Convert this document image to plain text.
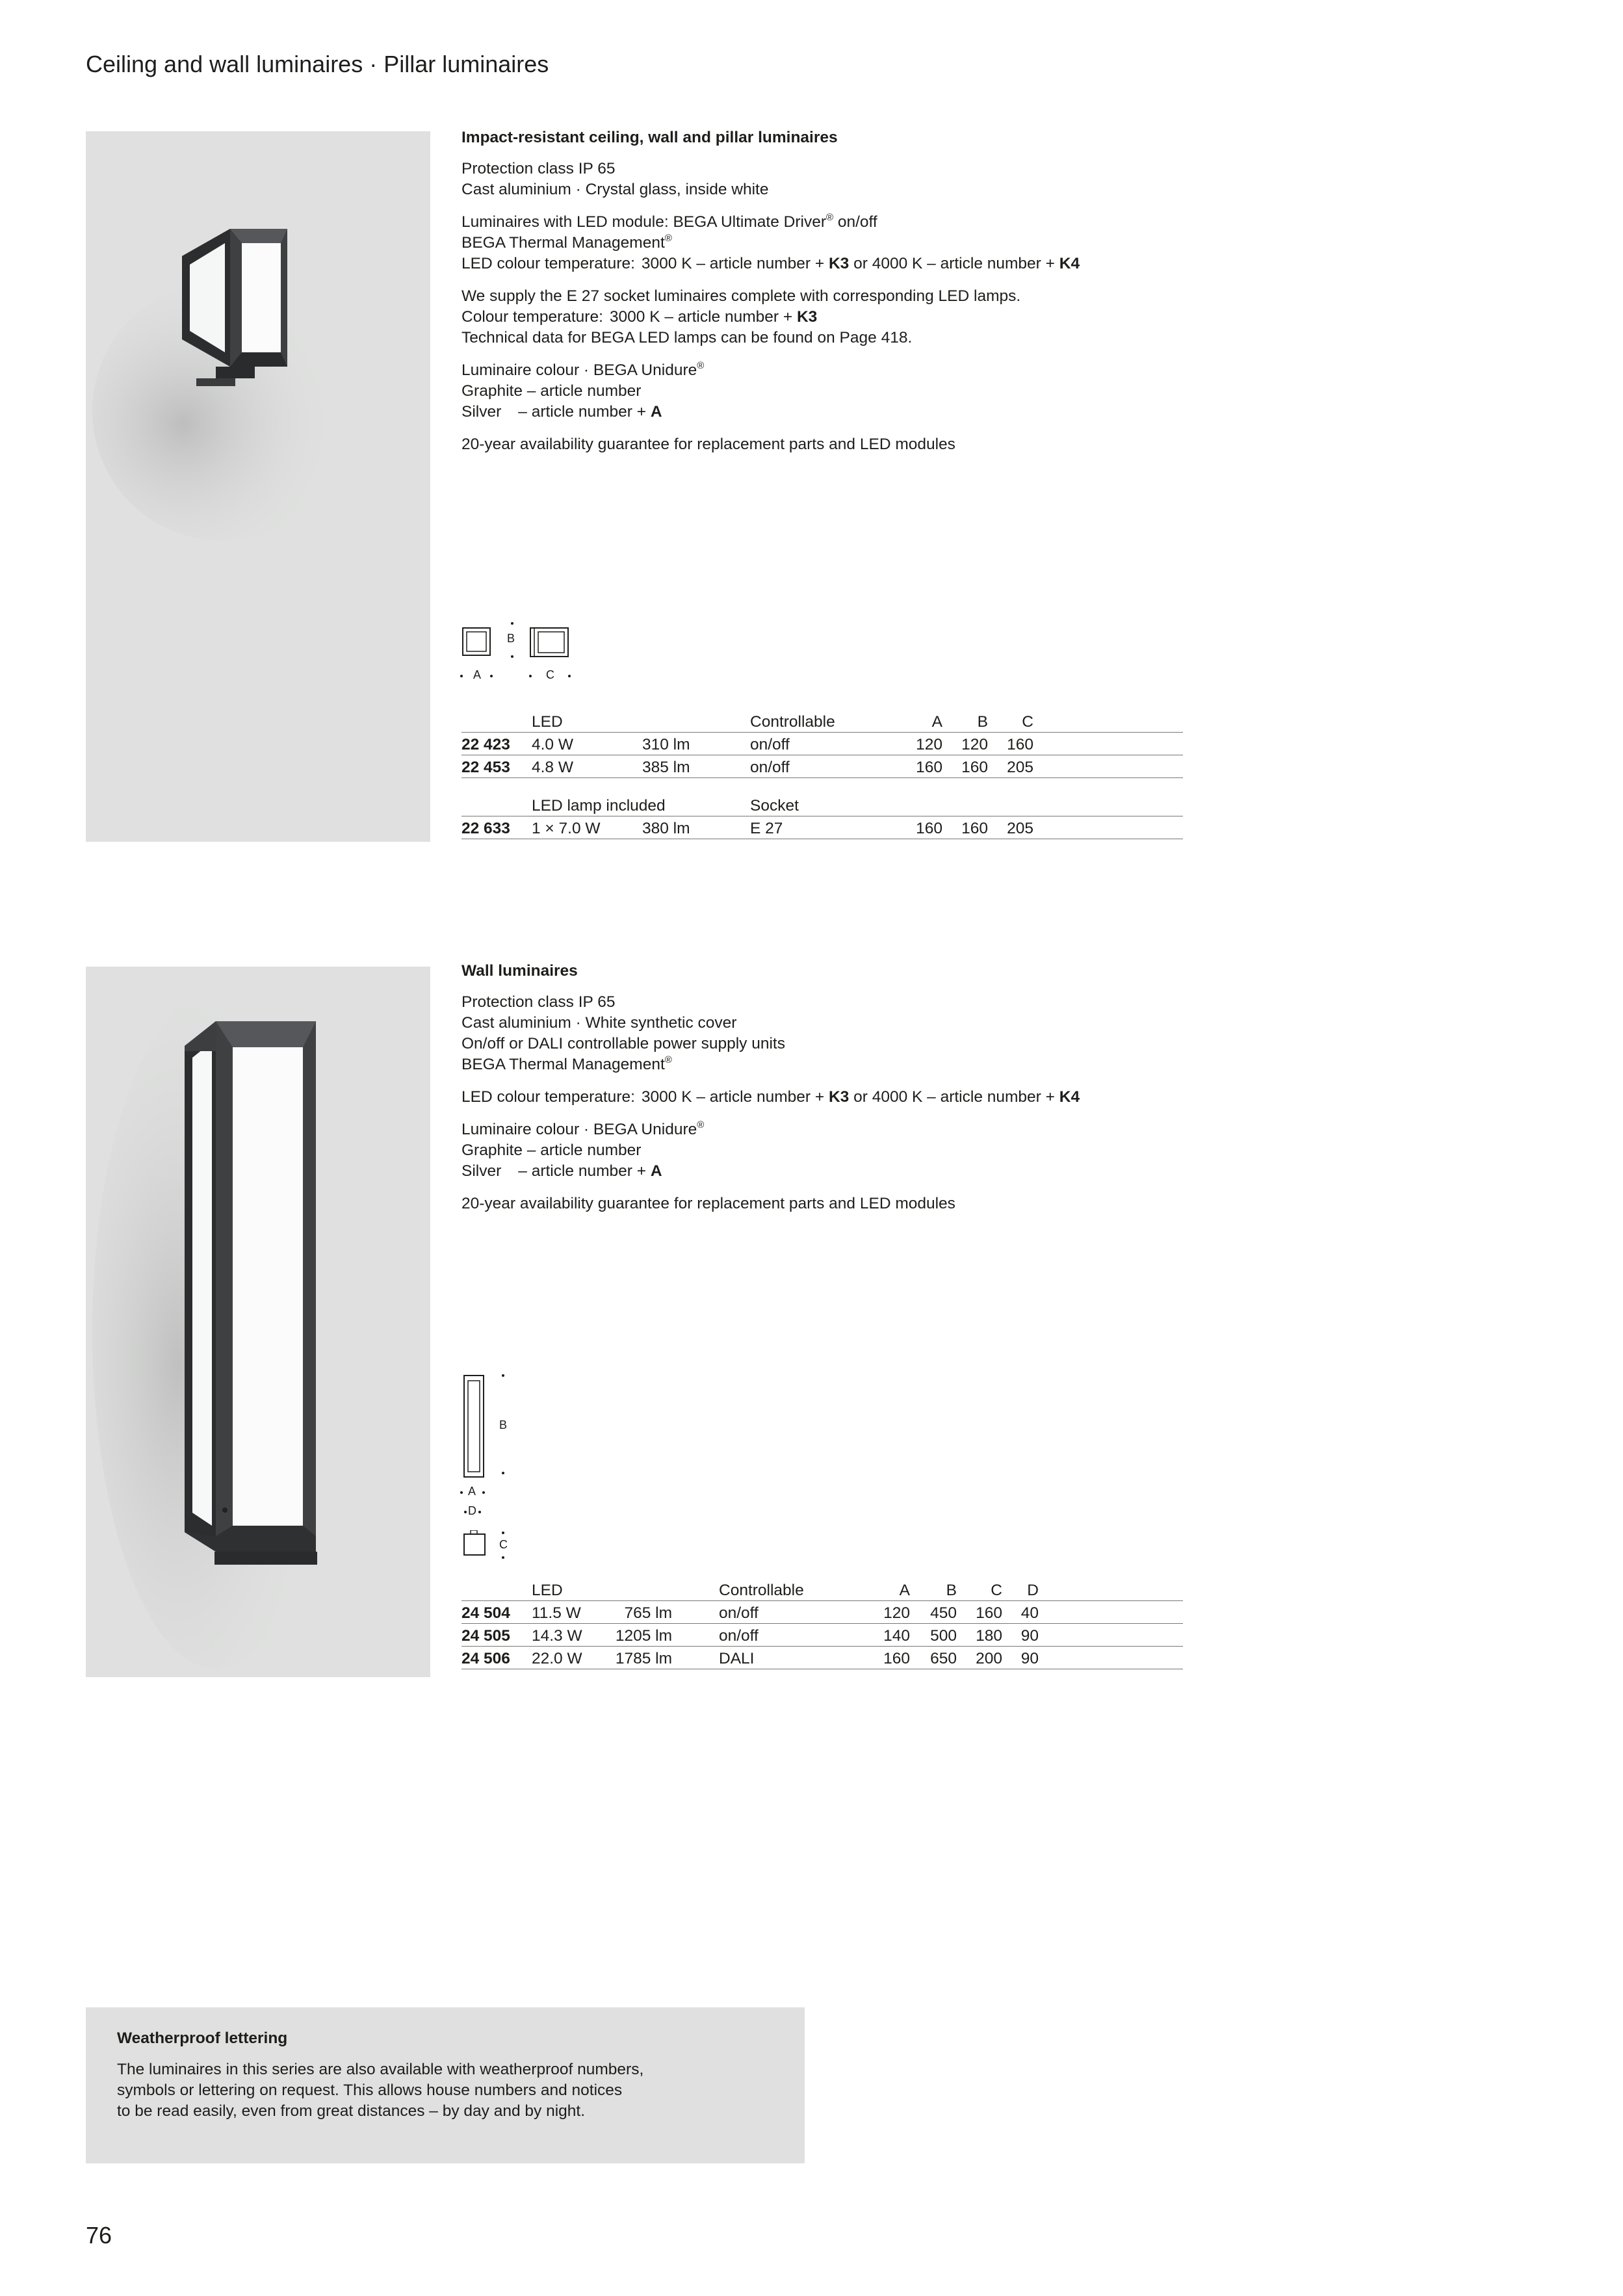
Ceiling and wall luminaires · Pillar luminaires

Impact-resistant ceiling, wall and pillar luminaires

Protection class IP 65
Cast aluminium · Crystal glass, inside white

Luminaires with LED module: BEGA Ultimate Driver® on/off
BEGA Thermal Management®
LED colour temperature: 3000 K – article number + K3 or 4000 K – article number + K4

We supply the E 27 socket luminaires complete with corresponding LED lamps.
Colour temperature: 3000 K – article number + K3
Technical data for BEGA LED lamps can be found on Page 418.

Luminaire colour · BEGA Unidure®
Graphite – article number
Silver – article number + A

20-year availability guarantee for replacement parts and LED modules

B
A	C
	LED		Controllable	A	B	C	
22 423	4.0 W	310 lm	on/off	120	120	160	
22 453	4.8 W	385 lm	on/off	160	160	205	

	LED lamp included		Socket				
22 633	1 × 7.0 W	380 lm	E 27	160	160	205	

Wall luminaires

Protection class IP 65
Cast aluminium · White synthetic cover
On/off or DALI controllable power supply units
BEGA Thermal Management®

LED colour temperature: 3000 K – article number + K3 or 4000 K – article number + K4

Luminaire colour · BEGA Unidure®
Graphite – article number
Silver – article number + A

20-year availability guarantee for replacement parts and LED modules

B
A
D
C
	LED		Controllable	A	B	C	D	
24 504	11.5 W	765 lm	on/off	120	450	160	40	
24 505	14.3 W	1205 lm	on/off	140	500	180	90	
24 506	22.0 W	1785 lm	DALI	160	650	200	90	
Weatherproof lettering
The luminaires in this series are also available with weatherproof numbers,
symbols or lettering on request. This allows house numbers and notices
to be read easily, even from great distances – by day and by night.
76
